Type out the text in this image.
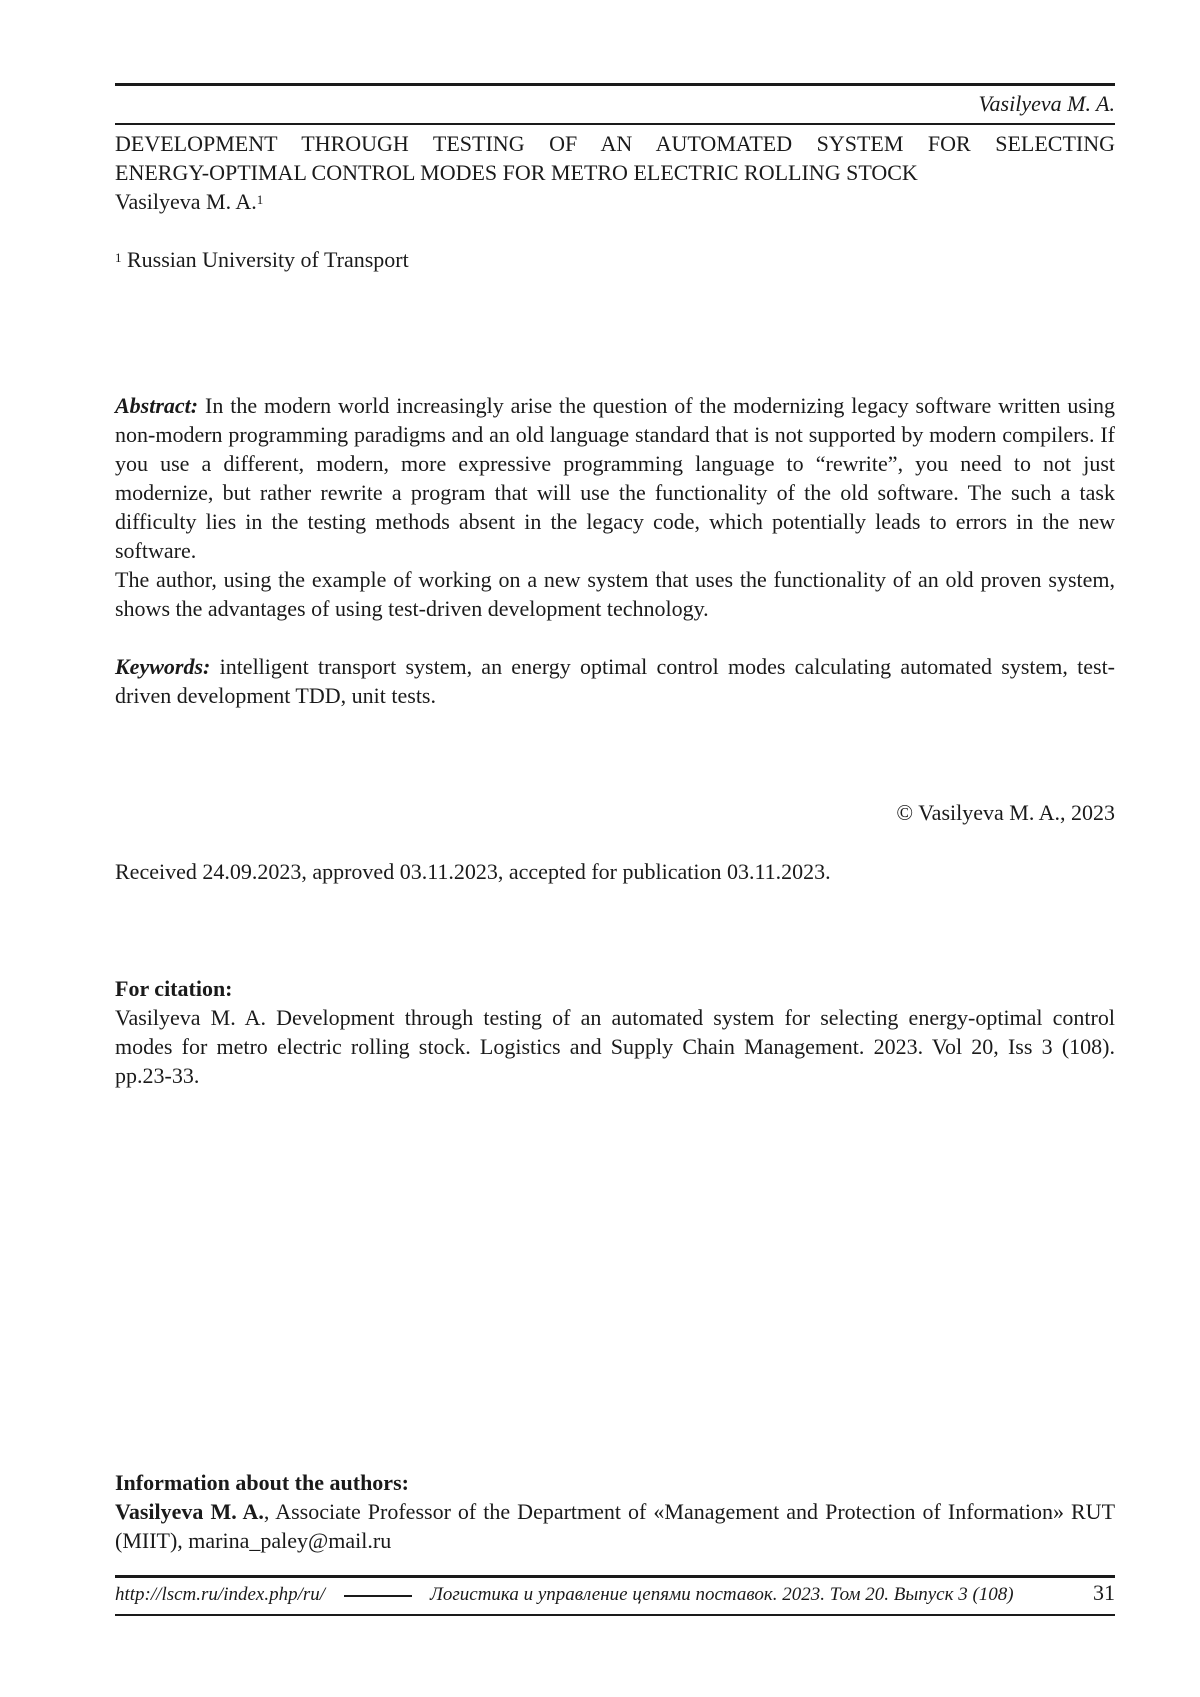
Vasilyeva M. A.
DEVELOPMENT THROUGH TESTING OF AN AUTOMATED SYSTEM FOR SELECTING
ENERGY-OPTIMAL CONTROL MODES FOR METRO ELECTRIC ROLLING STOCK
Vasilyeva M. A.$^1$
$^1$ Russian University of Transport
Abstract: In the modern world increasingly arise the question of the modernizing legacy software written using non-modern programming paradigms and an old language standard that is not supported by modern compilers. If you use a different, modern, more expressive programming language to “rewrite”, you need to not just modernize, but rather rewrite a program that will use the functionality of the old software. The such a task difficulty lies in the testing methods absent in the legacy code, which potentially leads to errors in the new software.
The author, using the example of working on a new system that uses the functionality of an old proven system, shows the advantages of using test-driven development technology.
Keywords: intelligent transport system, an energy optimal control modes calculating automated system, test- driven development TDD, unit tests.
© Vasilyeva M. A., 2023
Received 24.09.2023, approved 03.11.2023, accepted for publication 03.11.2023.
For citation:
Vasilyeva M. A. Development through testing of an automated system for selecting energy-optimal control modes for metro electric rolling stock. Logistics and Supply Chain Management. 2023. Vol 20, Iss 3 (108). pp.23-33.
Information about the authors:
Vasilyeva M. A., Associate Professor of the Department of «Management and Protection of Information» RUT (MIIT), marina_paley@mail.ru
http://lscm.ru/index.php/ru/	Логистика и управление цепями поставок. 2023. Том 20. Выпуск 3 (108)	31
